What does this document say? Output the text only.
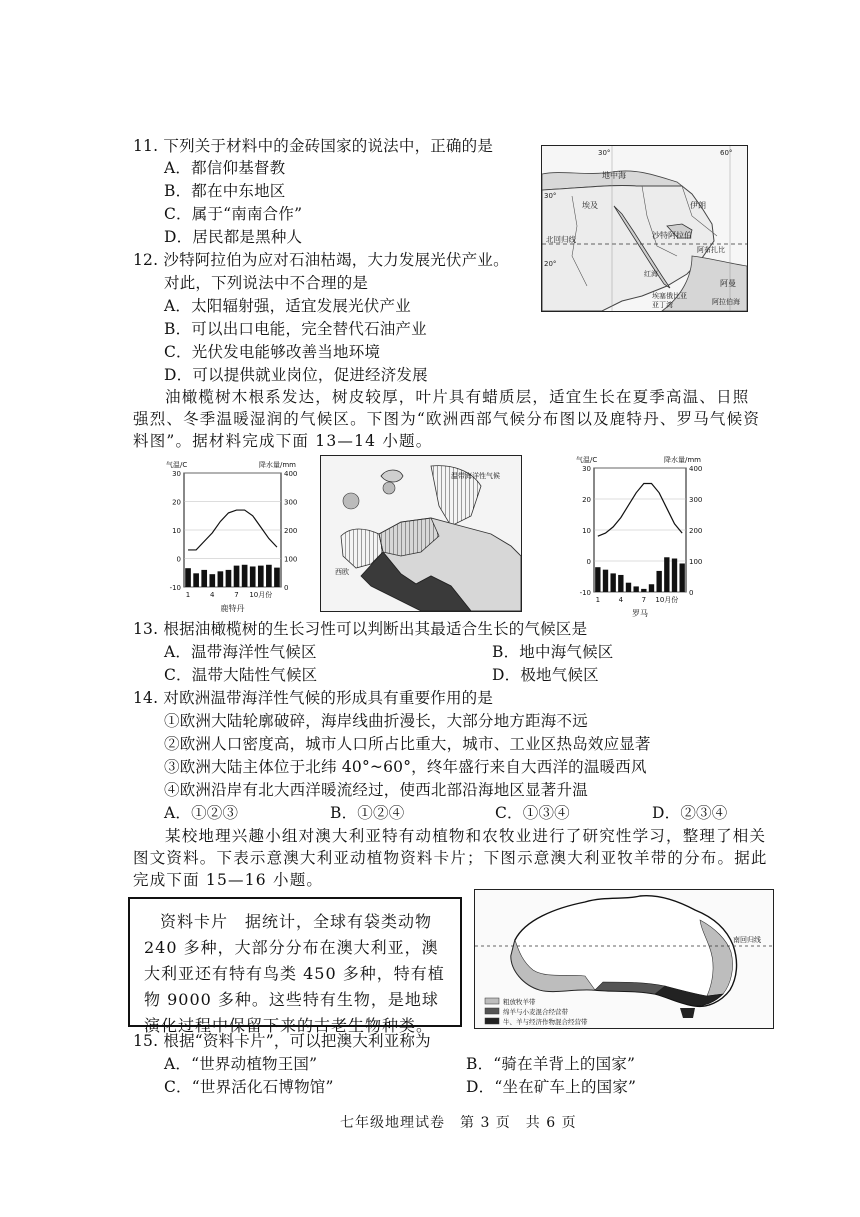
11. 下列关于材料中的金砖国家的说法中，正确的是
A．都信仰基督教
B．都在中东地区
C．属于“南南合作”
D．居民都是黑种人
12. 沙特阿拉伯为应对石油枯竭，大力发展光伏产业。
对此，下列说法中不合理的是
A．太阳辐射强，适宜发展光伏产业
B．可以出口电能，完全替代石油产业
C．光伏发电能够改善当地环境
D．可以提供就业岗位，促进经济发展
30°	60°
30°
20°
地中海
埃及
沙特阿拉伯
伊朗
北回归线
阿布扎比
红海
阿曼
埃塞俄比亚
亚丁湾	阿拉伯海
油橄榄树木根系发达，树皮较厚，叶片具有蜡质层，适宜生长在夏季高温、日照强烈、冬季温暖湿润的气候区。下图为“欧洲西部气候分布图以及鹿特丹、罗马气候资料图”。据材料完成下面 13—14 小题。
30	400
20	300
10	200
0	100
-10	0
气温/C	降水量/mm
1	4	7 10月份
鹿特丹
温带海洋性气候
西欧
30	400
20	300
10	200
0	100
-10	0
气温/C	降水量/mm
1	4	7 10月份
罗马
13. 根据油橄榄树的生长习性可以判断出其最适合生长的气候区是
A．温带海洋性气候区	B．地中海气候区
C．温带大陆性气候区	D．极地气候区
14. 对欧洲温带海洋性气候的形成具有重要作用的是
①欧洲大陆轮廓破碎，海岸线曲折漫长，大部分地方距海不远
②欧洲人口密度高，城市人口所占比重大，城市、工业区热岛效应显著
③欧洲大陆主体位于北纬 40°~60°，终年盛行来自大西洋的温暖西风
④欧洲沿岸有北大西洋暖流经过，使西北部沿海地区显著升温
A．①②③	B．①②④	C．①③④	D．②③④
某校地理兴趣小组对澳大利亚特有动植物和农牧业进行了研究性学习，整理了相关图文资料。下表示意澳大利亚动植物资料卡片；下图示意澳大利亚牧羊带的分布。据此完成下面 15—16 小题。
资料卡片　 据统计，全球有袋类动物 240 多种，大部分分布在澳大利亚，澳大利亚还有特有鸟类 450 多种，特有植物 9000 多种。这些特有生物，是地球演化过程中保留下来的古老生物种类。
南回归线
粗放牧羊带
绵羊与小麦混合经营带
牛、羊与经济作物混合经营带
15. 根据“资料卡片”，可以把澳大利亚称为
A．“世界动植物王国”	B．“骑在羊背上的国家”
C．“世界活化石博物馆”	D．“坐在矿车上的国家”
七年级地理试卷　第 3 页　共 6 页
